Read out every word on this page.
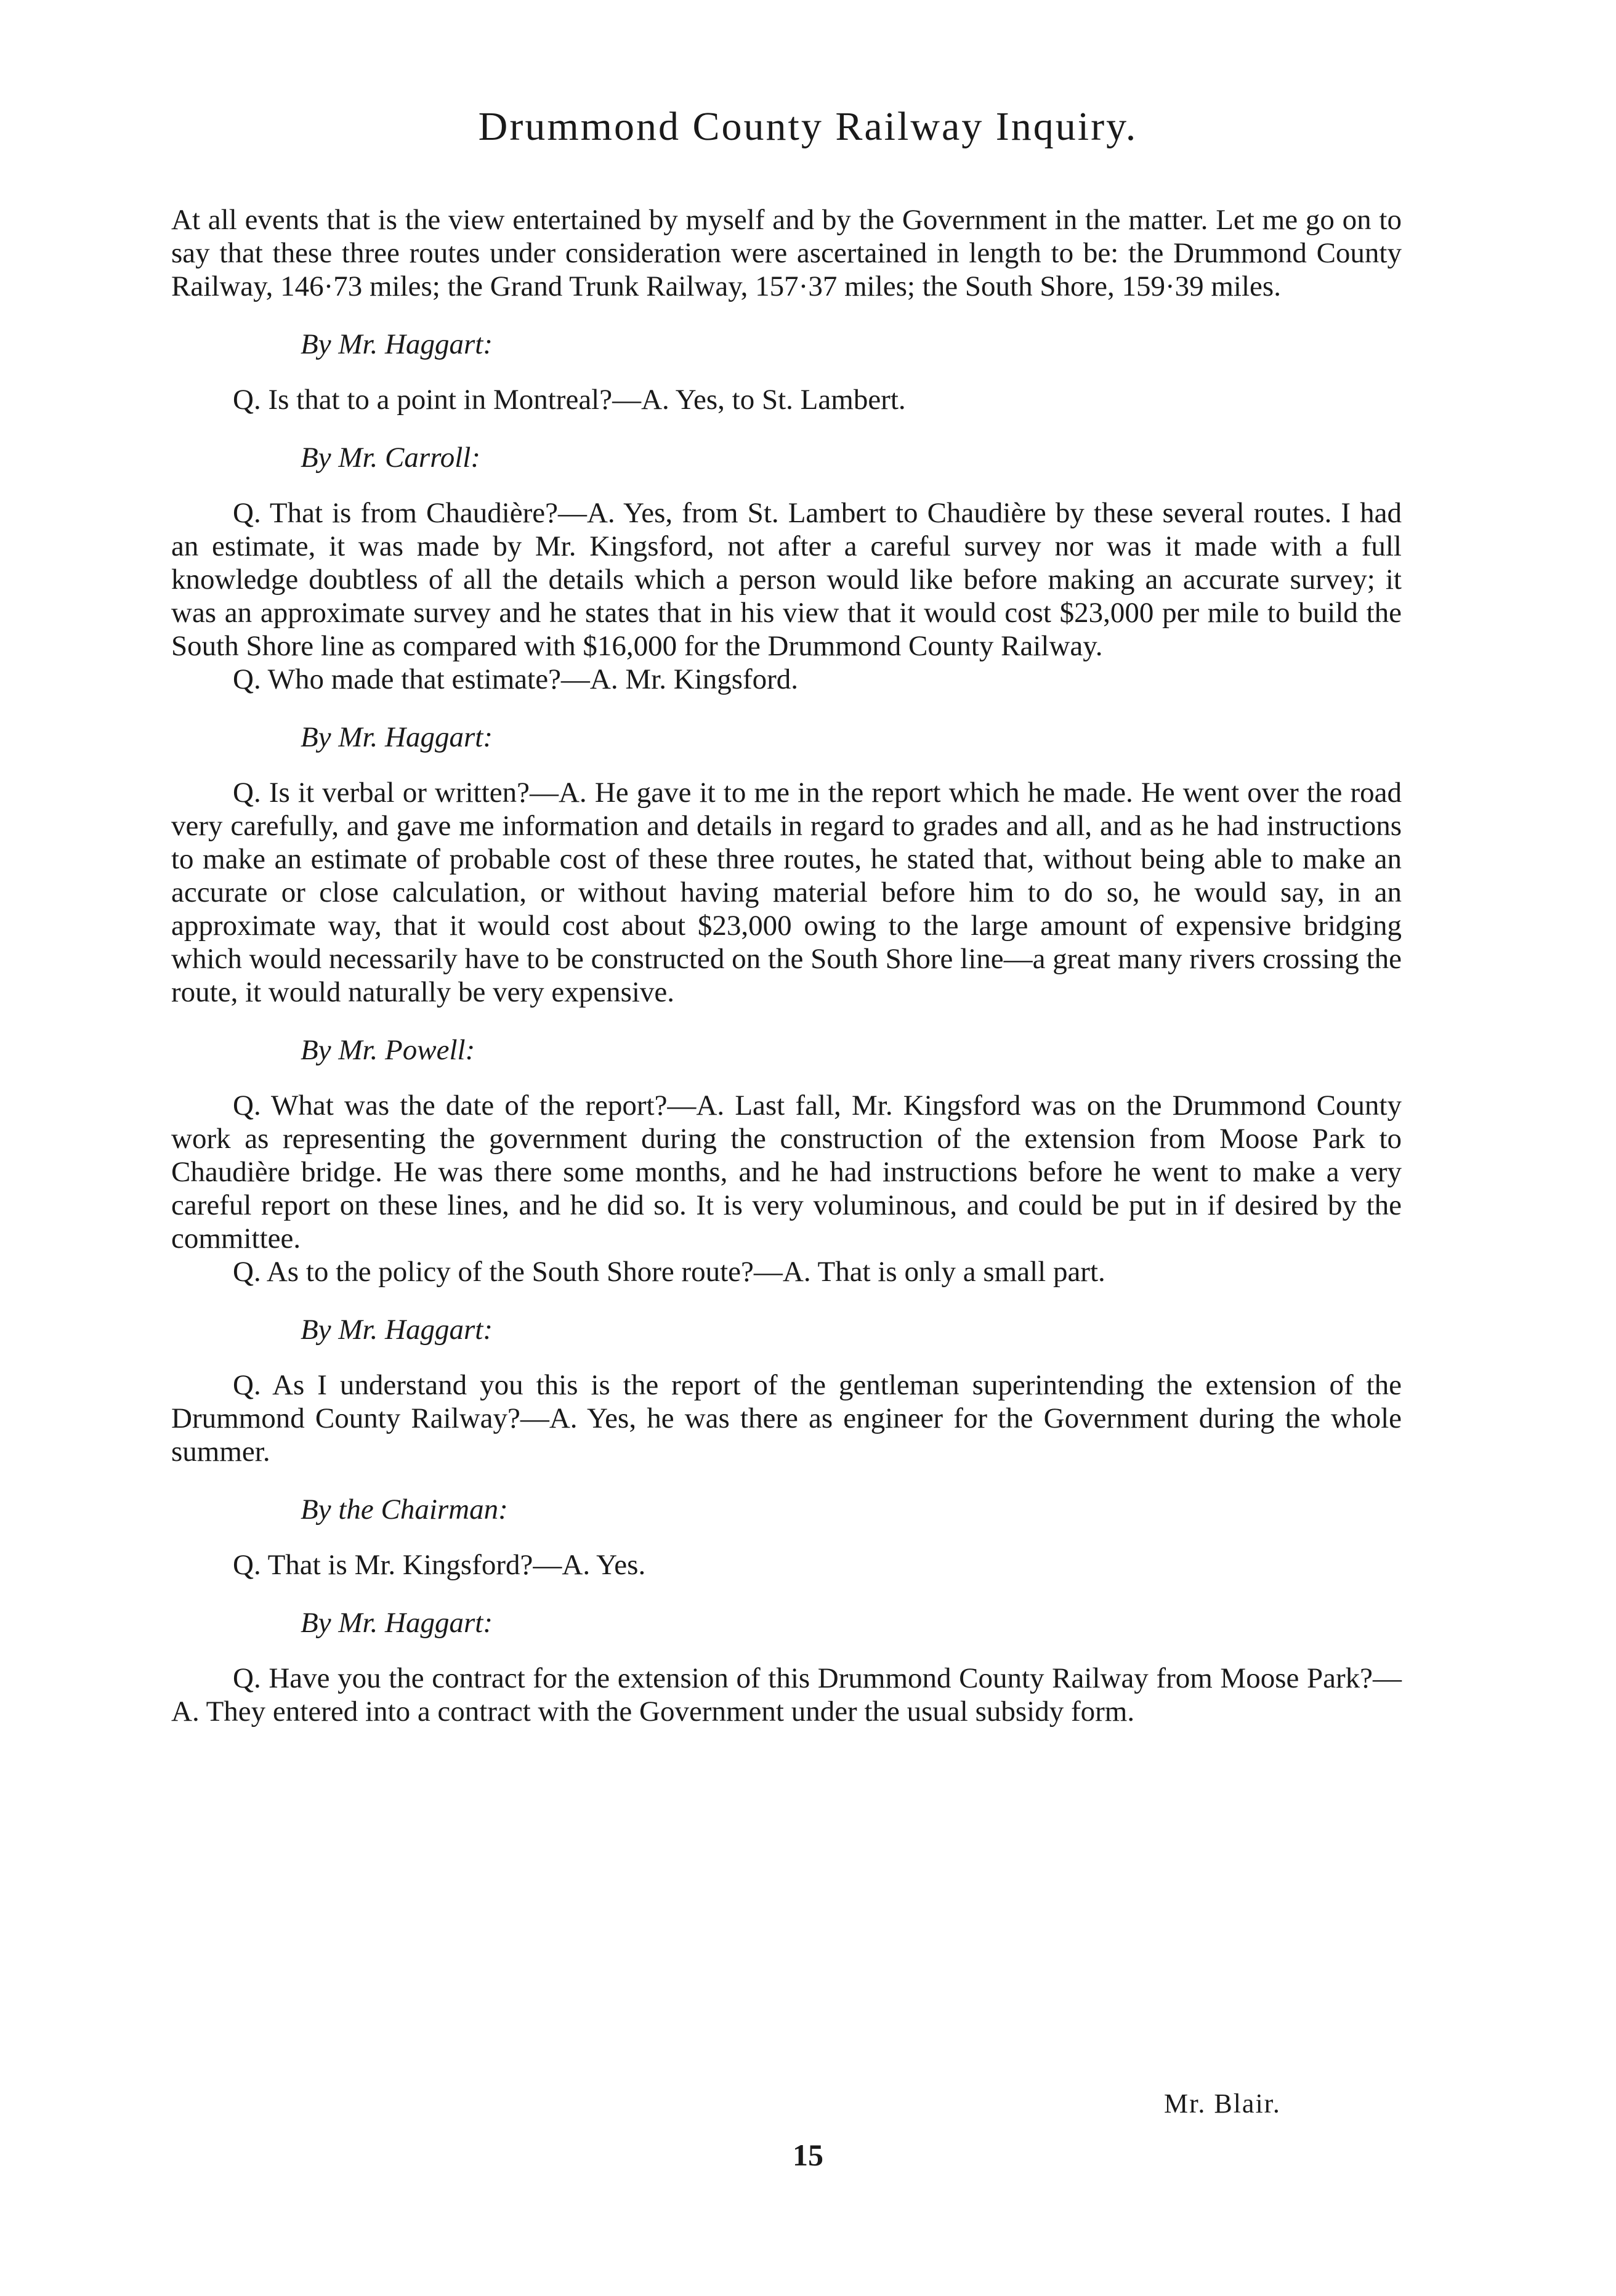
Drummond County Railway Inquiry.

At all events that is the view entertained by myself and by the Government in the matter. Let me go on to say that these three routes under consideration were ascertained in length to be: the Drummond County Railway, 146·73 miles; the Grand Trunk Railway, 157·37 miles; the South Shore, 159·39 miles.

By Mr. Haggart:

Q. Is that to a point in Montreal?—A. Yes, to St. Lambert.

By Mr. Carroll:

Q. That is from Chaudière?—A. Yes, from St. Lambert to Chaudière by these several routes. I had an estimate, it was made by Mr. Kingsford, not after a careful survey nor was it made with a full knowledge doubtless of all the details which a person would like before making an accurate survey; it was an approximate survey and he states that in his view that it would cost $23,000 per mile to build the South Shore line as compared with $16,000 for the Drummond County Railway.

Q. Who made that estimate?—A. Mr. Kingsford.

By Mr. Haggart:

Q. Is it verbal or written?—A. He gave it to me in the report which he made. He went over the road very carefully, and gave me information and details in regard to grades and all, and as he had instructions to make an estimate of probable cost of these three routes, he stated that, without being able to make an accurate or close calculation, or without having material before him to do so, he would say, in an approximate way, that it would cost about $23,000 owing to the large amount of expensive bridging which would necessarily have to be constructed on the South Shore line—a great many rivers crossing the route, it would naturally be very expensive.

By Mr. Powell:

Q. What was the date of the report?—A. Last fall, Mr. Kingsford was on the Drummond County work as representing the government during the construction of the extension from Moose Park to Chaudière bridge. He was there some months, and he had instructions before he went to make a very careful report on these lines, and he did so. It is very voluminous, and could be put in if desired by the committee.

Q. As to the policy of the South Shore route?—A. That is only a small part.

By Mr. Haggart:

Q. As I understand you this is the report of the gentleman superintending the extension of the Drummond County Railway?—A. Yes, he was there as engineer for the Government during the whole summer.

By the Chairman:

Q. That is Mr. Kingsford?—A. Yes.

By Mr. Haggart:

Q. Have you the contract for the extension of this Drummond County Railway from Moose Park?—A. They entered into a contract with the Government under the usual subsidy form.

Mr. Blair.
15
